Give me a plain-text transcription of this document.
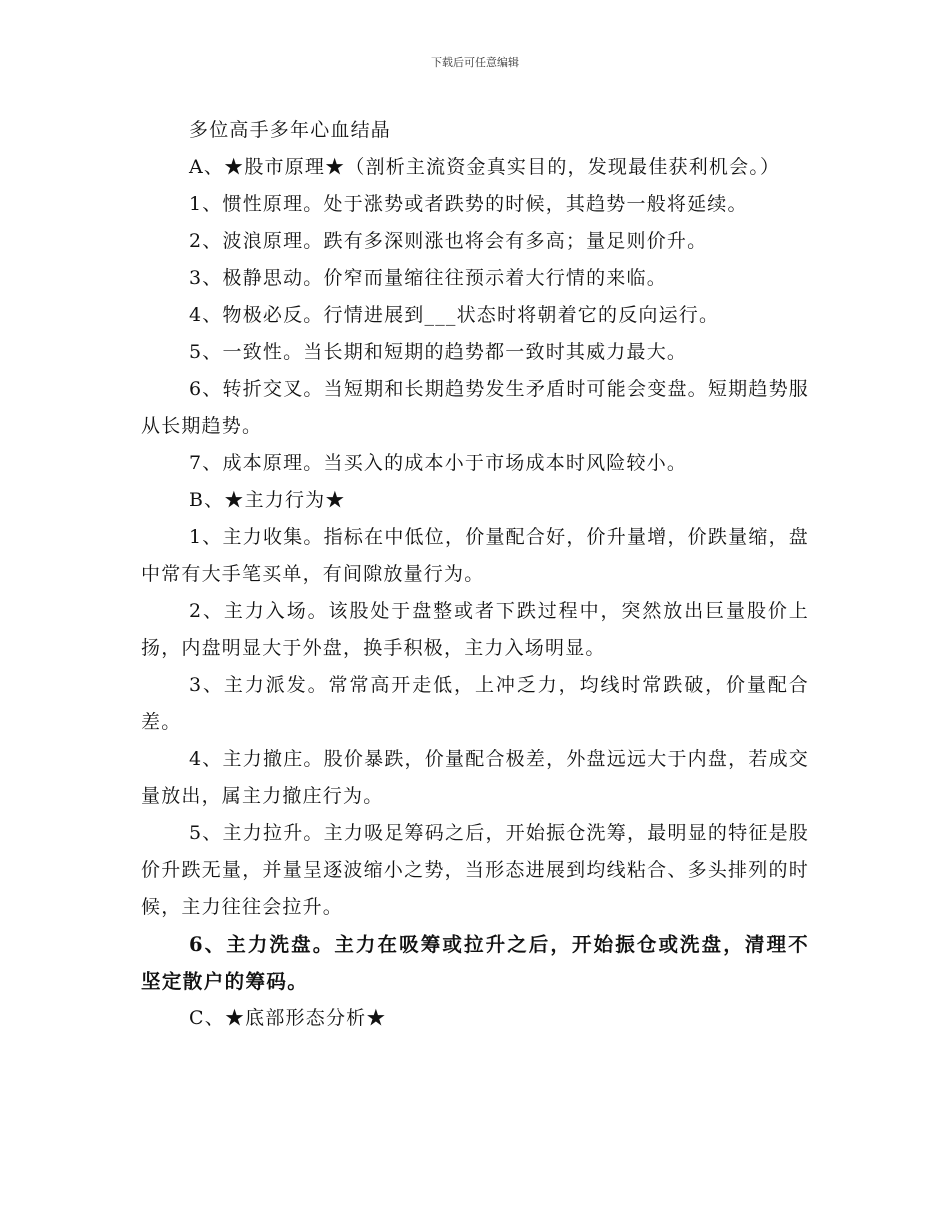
下载后可任意编辑

多位高手多年心血结晶

A、★股市原理★（剖析主流资金真实目的，发现最佳获利机会。）

1、惯性原理。处于涨势或者跌势的时候，其趋势一般将延续。

2、波浪原理。跌有多深则涨也将会有多高；量足则价升。

3、极静思动。价窄而量缩往往预示着大行情的来临。

4、物极必反。行情进展到___状态时将朝着它的反向运行。

5、一致性。当长期和短期的趋势都一致时其威力最大。

6、转折交叉。当短期和长期趋势发生矛盾时可能会变盘。短期趋势服从长期趋势。

7、成本原理。当买入的成本小于市场成本时风险较小。

B、★主力行为★

1、主力收集。指标在中低位，价量配合好，价升量增，价跌量缩，盘中常有大手笔买单，有间隙放量行为。

2、主力入场。该股处于盘整或者下跌过程中，突然放出巨量股价上扬，内盘明显大于外盘，换手积极，主力入场明显。

3、主力派发。常常高开走低，上冲乏力，均线时常跌破，价量配合差。

4、主力撤庄。股价暴跌，价量配合极差，外盘远远大于内盘，若成交量放出，属主力撤庄行为。

5、主力拉升。主力吸足筹码之后，开始振仓洗筹，最明显的特征是股价升跌无量，并量呈逐波缩小之势，当形态进展到均线粘合、多头排列的时候，主力往往会拉升。

6、主力洗盘。主力在吸筹或拉升之后，开始振仓或洗盘，清理不坚定散户的筹码。

C、★底部形态分析★
